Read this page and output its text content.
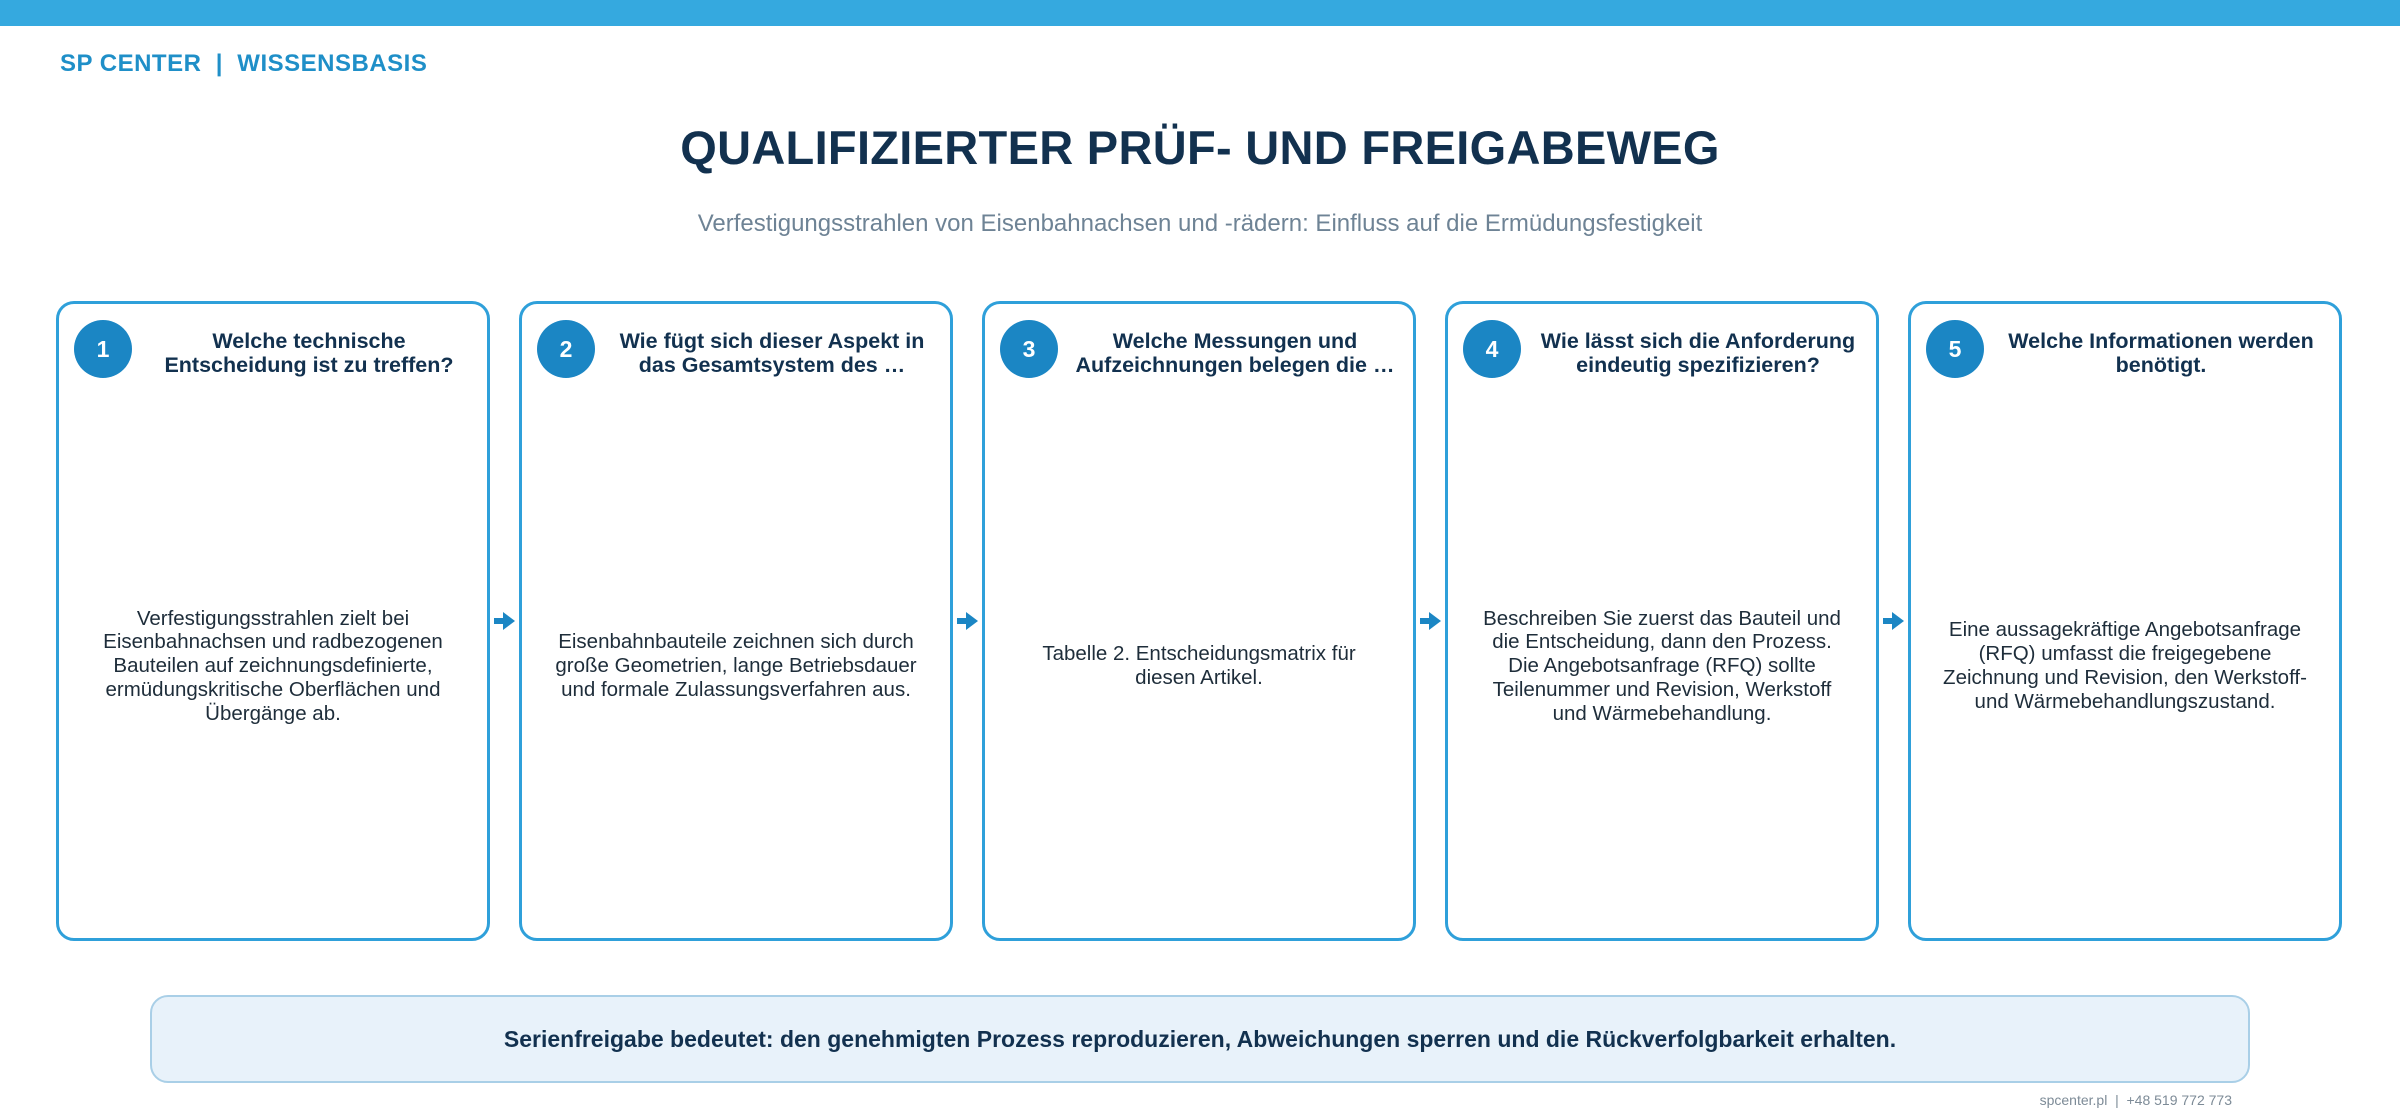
SP CENTER  |  WISSENSBASIS
QUALIFIZIERTER PRÜF- UND FREIGABEWEG
Verfestigungsstrahlen von Eisenbahnachsen und -rädern: Einfluss auf die Ermüdungsfestigkeit
1	Welche technische Entscheidung ist zu treffen?
Verfestigungsstrahlen zielt bei
Eisenbahnachsen und radbezogenen
Bauteilen auf zeichnungsdefinierte,
ermüdungskritische Oberflächen und
Übergänge ab.
2	Wie fügt sich dieser Aspekt in das Gesamtsystem des …
Eisenbahnbauteile zeichnen sich durch
große Geometrien, lange Betriebsdauer
und formale Zulassungsverfahren aus.
3	Welche Messungen und Aufzeichnungen belegen die …
Tabelle 2. Entscheidungsmatrix für
diesen Artikel.
4	Wie lässt sich die Anforderung eindeutig spezifizieren?
Beschreiben Sie zuerst das Bauteil und
die Entscheidung, dann den Prozess.
Die Angebotsanfrage (RFQ) sollte
Teilenummer und Revision, Werkstoff
und Wärmebehandlung.
5	Welche Informationen werden benötigt.
Eine aussagekräftige Angebotsanfrage
(RFQ) umfasst die freigegebene
Zeichnung und Revision, den Werkstoff-
und Wärmebehandlungszustand.
Serienfreigabe bedeutet: den genehmigten Prozess reproduzieren, Abweichungen sperren und die Rückverfolgbarkeit erhalten.
spcenter.pl  |  +48 519 772 773
